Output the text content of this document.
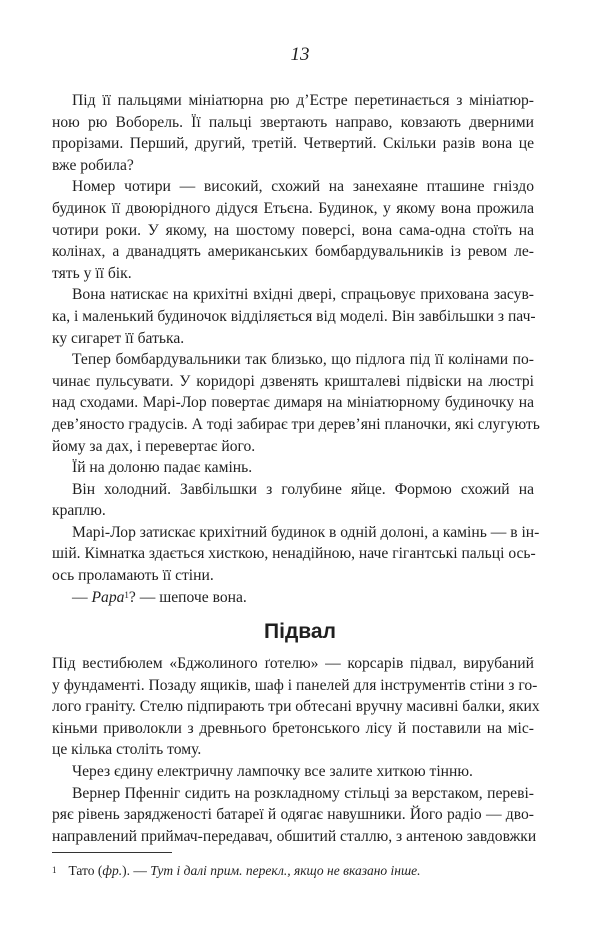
13
Під її пальцями мініатюрна рю д’Естре перетинається з мініатюр-
ною рю Воборель. Її пальці звертають направо, ковзають дверними
прорізами. Перший, другий, третій. Четвертий. Скільки разів вона це
вже робила?
Номер чотири — високий, схожий на занехаяне пташине гніздо
будинок її двоюрідного дідуся Етьєна. Будинок, у якому вона прожила
чотири роки. У якому, на шостому поверсі, вона сама-одна стоїть на
колінах, а дванадцять американських бомбардувальників із ревом ле-
тять у її бік.
Вона натискає на крихітні вхідні двері, спрацьовує прихована засув-
ка, і маленький будиночок відділяється від моделі. Він завбільшки з пач-
ку сигарет її батька.
Тепер бомбардувальники так близько, що підлога під її колінами по-
чинає пульсувати. У коридорі дзвенять кришталеві підвіски на люстрі
над сходами. Марі-Лор повертає димаря на мініатюрному будиночку на
дев’яносто градусів. А тоді забирає три дерев’яні планочки, які слугують
йому за дах, і перевертає його.
Їй на долоню падає камінь.
Він холодний. Завбільшки з голубине яйце. Формою схожий на
краплю.
Марі-Лор затискає крихітний будинок в одній долоні, а камінь — в ін-
шій. Кімнатка здається хисткою, ненадійною, наче гігантські пальці ось-
ось проламають її стіни.
— Papa$^1$? — шепоче вона.
Підвал
Під вестибюлем «Бджолиного ґотелю» — корсарів підвал, вирубаний
у фундаменті. Позаду ящиків, шаф і панелей для інструментів стіни з го-
лого граніту. Стелю підпирають три обтесані вручну масивні балки, яких
кіньми приволокли з древнього бретонського лісу й поставили на міс-
це кілька століть тому.
Через єдину електричну лампочку все залите хиткою тінню.
Вернер Пфенніг сидить на розкладному стільці за верстаком, переві-
ряє рівень зарядженості батареї й одягає навушники. Його радіо — дво-
направлений приймач-передавач, обшитий сталлю, з антеною завдовжки
$^1$ Тато (фр.). — Тут і далі прим. перекл., якщо не вказано інше.
